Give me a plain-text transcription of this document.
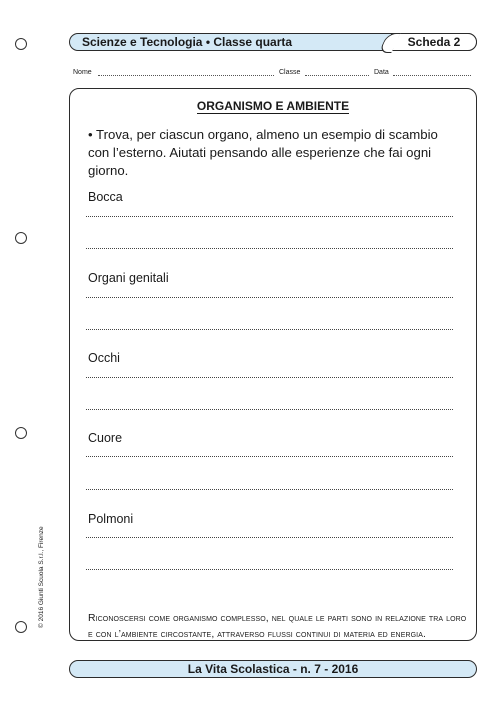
Scienze e Tecnologia • Classe quarta	Scheda 2
Nome	Classe	Data
ORGANISMO E AMBIENTE
• Trova, per ciascun organo, almeno un esempio di scambio con l’esterno. Aiutati pensando alle esperienze che fai ogni giorno.
Bocca
Organi genitali
Occhi
Cuore
Polmoni
Riconoscersi come organismo complesso, nel quale le parti sono in relazione tra loro e con l’ambiente circostante, attraverso flussi continui di materia ed energia.
© 2016 Giunti Scuola S.r.l., Firenze
La Vita Scolastica - n. 7 - 2016
